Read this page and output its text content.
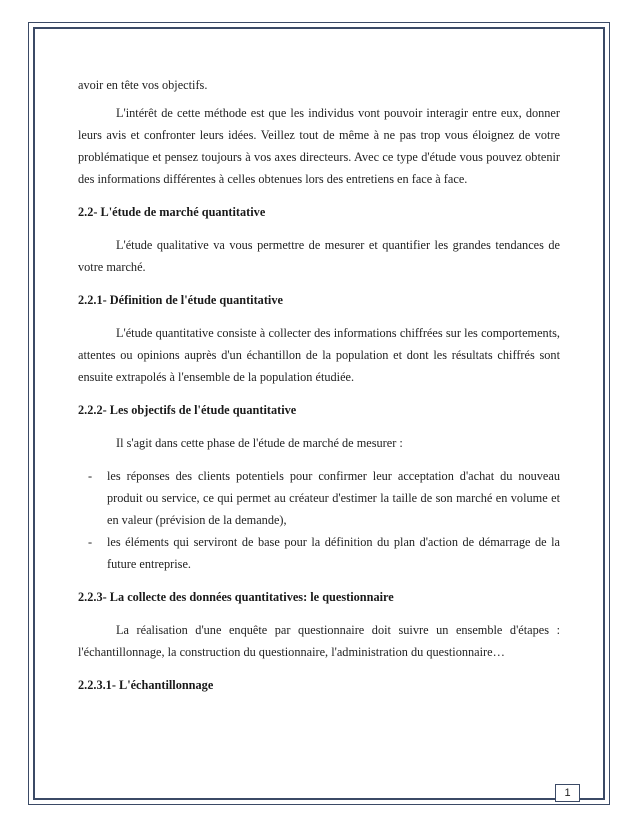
avoir en tête vos objectifs.

L'intérêt de cette méthode est que les individus vont pouvoir interagir entre eux, donner leurs avis et confronter leurs idées. Veillez tout de même à ne pas trop vous éloignez de votre problématique et pensez toujours à vos axes directeurs. Avec ce type d'étude vous pouvez obtenir des informations différentes à celles obtenues lors des entretiens en face à face.

2.2- L'étude de marché quantitative

L'étude qualitative va vous permettre de mesurer et quantifier les grandes tendances de votre marché.

2.2.1- Définition de l'étude quantitative

L'étude quantitative consiste à collecter des informations chiffrées sur les comportements, attentes ou opinions auprès d'un échantillon de la population et dont les résultats chiffrés sont ensuite extrapolés à l'ensemble de la population étudiée.

2.2.2- Les objectifs de l'étude quantitative

Il s'agit dans cette phase de l'étude de marché de mesurer :

- les réponses des clients potentiels pour confirmer leur acceptation d'achat du nouveau produit ou service, ce qui permet au créateur d'estimer la taille de son marché en volume et en valeur (prévision de la demande),
- les éléments qui serviront de base pour la définition du plan d'action de démarrage de la future entreprise.
2.2.3- La collecte des données quantitatives: le questionnaire

La réalisation d'une enquête par questionnaire doit suivre un ensemble d'étapes : l'échantillonnage, la construction du questionnaire, l'administration du questionnaire…

2.2.3.1- L'échantillonnage
1
